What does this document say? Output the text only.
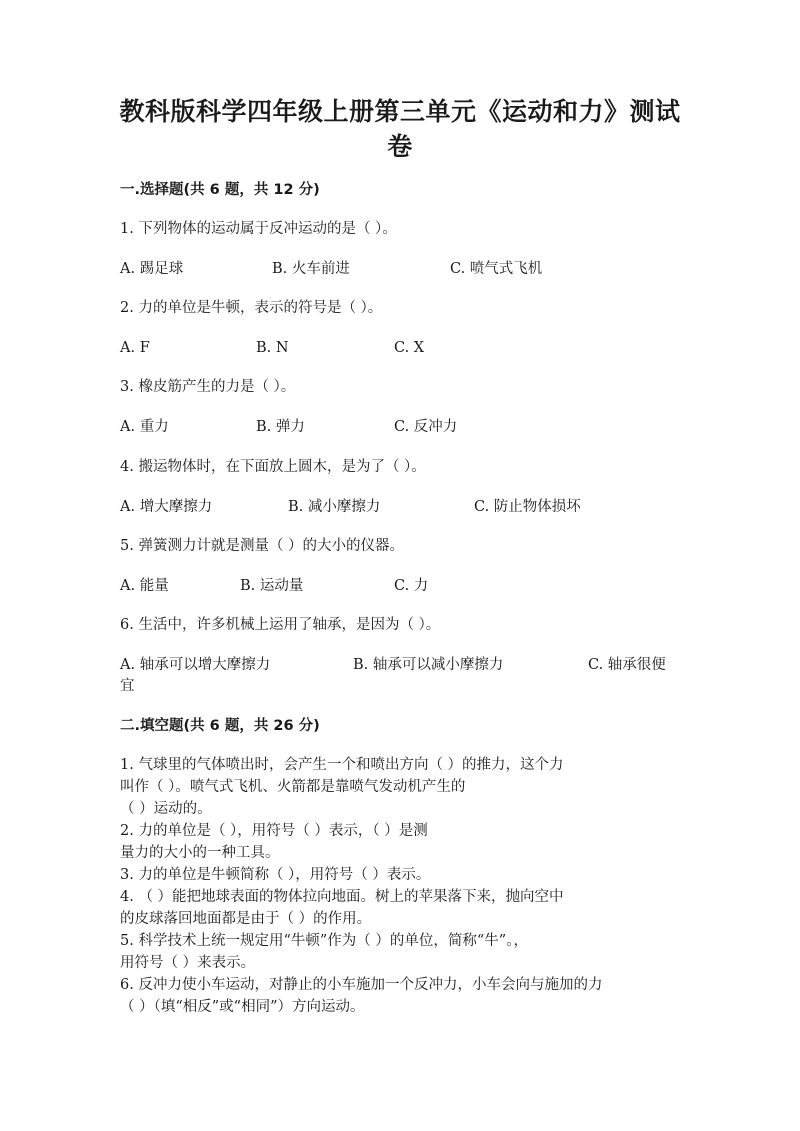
教科版科学四年级上册第三单元《运动和力》测试
卷
一.选择题(共 6 题，共 12 分)
1. 下列物体的运动属于反冲运动的是（ ）。
A. 踢足球	B. 火车前进	C. 喷气式飞机
2. 力的单位是牛顿，表示的符号是（ ）。
A. F	B. N	C. X
3. 橡皮筋产生的力是（ ）。
A. 重力	B. 弹力	C. 反冲力
4. 搬运物体时，在下面放上圆木，是为了（ ）。
A. 增大摩擦力	B. 减小摩擦力	C. 防止物体损坏
5. 弹簧测力计就是测量（ ）的大小的仪器。
A. 能量	B. 运动量	C. 力
6. 生活中，许多机械上运用了轴承，是因为（ ）。
A. 轴承可以增大摩擦力	B. 轴承可以减小摩擦力	C. 轴承很便
宜
二.填空题(共 6 题，共 26 分)
1. 气球里的气体喷出时，会产生一个和喷出方向（ ）的推力，这个力
叫作（ ）。喷气式飞机、火箭都是靠喷气发动机产生的
（ ）运动的。
2. 力的单位是（ ），用符号（ ）表示，（ ）是测
量力的大小的一种工具。
3. 力的单位是牛顿简称（ ），用符号（ ）表示。
4. （ ）能把地球表面的物体拉向地面。树上的苹果落下来，抛向空中
的皮球落回地面都是由于（ ）的作用。
5. 科学技术上统一规定用“牛顿”作为（ ）的单位，简称“牛”。，
用符号（ ）来表示。
6. 反冲力使小车运动，对静止的小车施加一个反冲力，小车会向与施加的力
（ ）（填“相反”或“相同”）方向运动。
